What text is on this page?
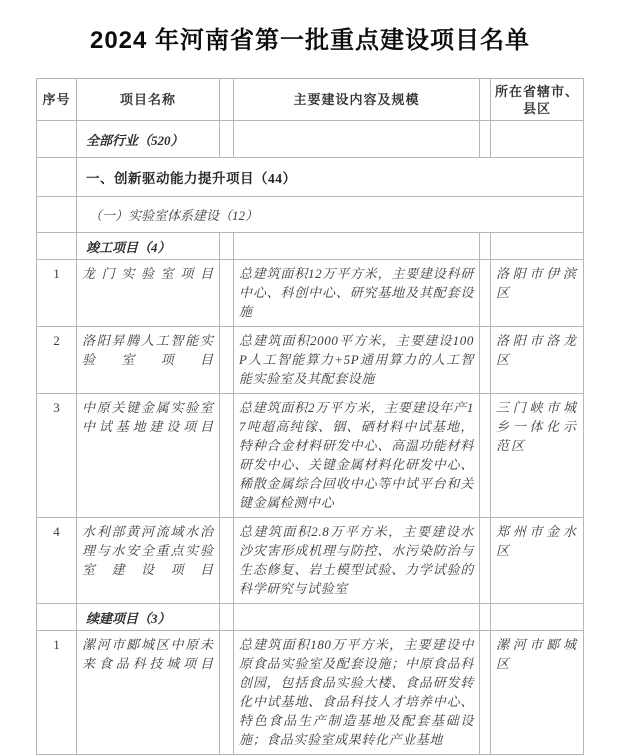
2024 年河南省第一批重点建设项目名单
序号	项目名称		主要建设内容及规模		所在省辖市、县区
	全部行业（520）				
	一、创新驱动能力提升项目（44）				
	（一）实验室体系建设（12）				
	竣工项目（4）				
1	龙门实验室项目		总建筑面积12万平方米，主要建设科研中心、科创中心、研究基地及其配套设施		洛阳市伊滨区
2	洛阳昇腾人工智能实验室项目		总建筑面积2000平方米，主要建设100P人工智能算力+5P通用算力的人工智能实验室及其配套设施		洛阳市洛龙区
3	中原关键金属实验室中试基地建设项目		总建筑面积2万平方米，主要建设年产17吨超高纯镓、铟、硒材料中试基地，特种合金材料研发中心、高温功能材料研发中心、关键金属材料化研发中心、稀散金属综合回收中心等中试平台和关键金属检测中心		三门峡市城乡一体化示范区
4	水利部黄河流域水治理与水安全重点实验室建设项目		总建筑面积2.8万平方米，主要建设水沙灾害形成机理与防控、水污染防治与生态修复、岩土模型试验、力学试验的科学研究与试验室		郑州市金水区
	续建项目（3）				
1	漯河市郾城区中原未来食品科技城项目		总建筑面积180万平方米，主要建设中原食品实验室及配套设施；中原食品科创园，包括食品实验大楼、食品研发转化中试基地、食品科技人才培养中心、特色食品生产制造基地及配套基础设施；食品实验室成果转化产业基地		漯河市郾城区
